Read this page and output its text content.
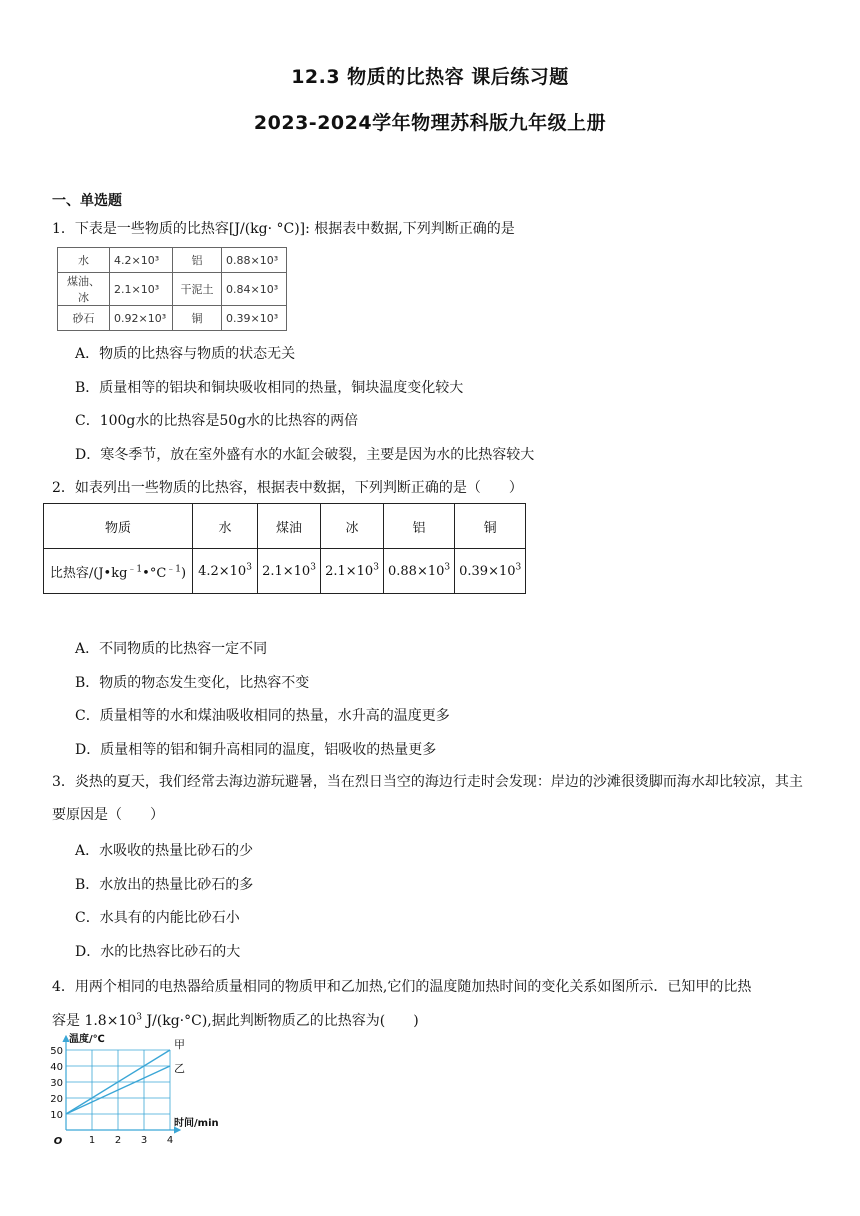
12.3 物质的比热容 课后练习题
2023-2024学年物理苏科版九年级上册
一、单选题
1．下表是一些物质的比热容[J/(kg· °C)]: 根据表中数据,下列判断正确的是
水	4.2×10³	铝	0.88×10³
煤油、冰	2.1×10³	干泥土	0.84×10³
砂石	0.92×10³	铜	0.39×10³
A．物质的比热容与物质的状态无关
B．质量相等的铝块和铜块吸收相同的热量，铜块温度变化较大
C．100g水的比热容是50g水的比热容的两倍
D．寒冬季节，放在室外盛有水的水缸会破裂，主要是因为水的比热容较大
2．如表列出一些物质的比热容，根据表中数据，下列判断正确的是（　　）
物质	水	煤油	冰	铝	铜
比热容$/(J•kg^{﹣1}•^\circ C^{﹣1})$	$4.2\times 10^3$	$2.1\times 10^3$	$2.1\times 10^3$	$0.88\times 10^3$	$0.39\times 10^3$
A．不同物质的比热容一定不同
B．物质的物态发生变化，比热容不变
C．质量相等的水和煤油吸收相同的热量，水升高的温度更多
D．质量相等的铝和铜升高相同的温度，铝吸收的热量更多
3．炎热的夏天，我们经常去海边游玩避暑，当在烈日当空的海边行走时会发现：岸边的沙滩很烫脚而海水却比较凉，其主要原因是（　　）
A．水吸收的热量比砂石的少
B．水放出的热量比砂石的多
C．水具有的内能比砂石小
D．水的比热容比砂石的大
4．用两个相同的电热器给质量相同的物质甲和乙加热,它们的温度随加热时间的变化关系如图所示．已知甲的比热
容是 $1.8\times 10^3$ J/(kg·°C),据此判断物质乙的比热容为(　　)
1 2 3 4
10
20
30
40
50
O
温度/℃
时间/min
甲
乙
